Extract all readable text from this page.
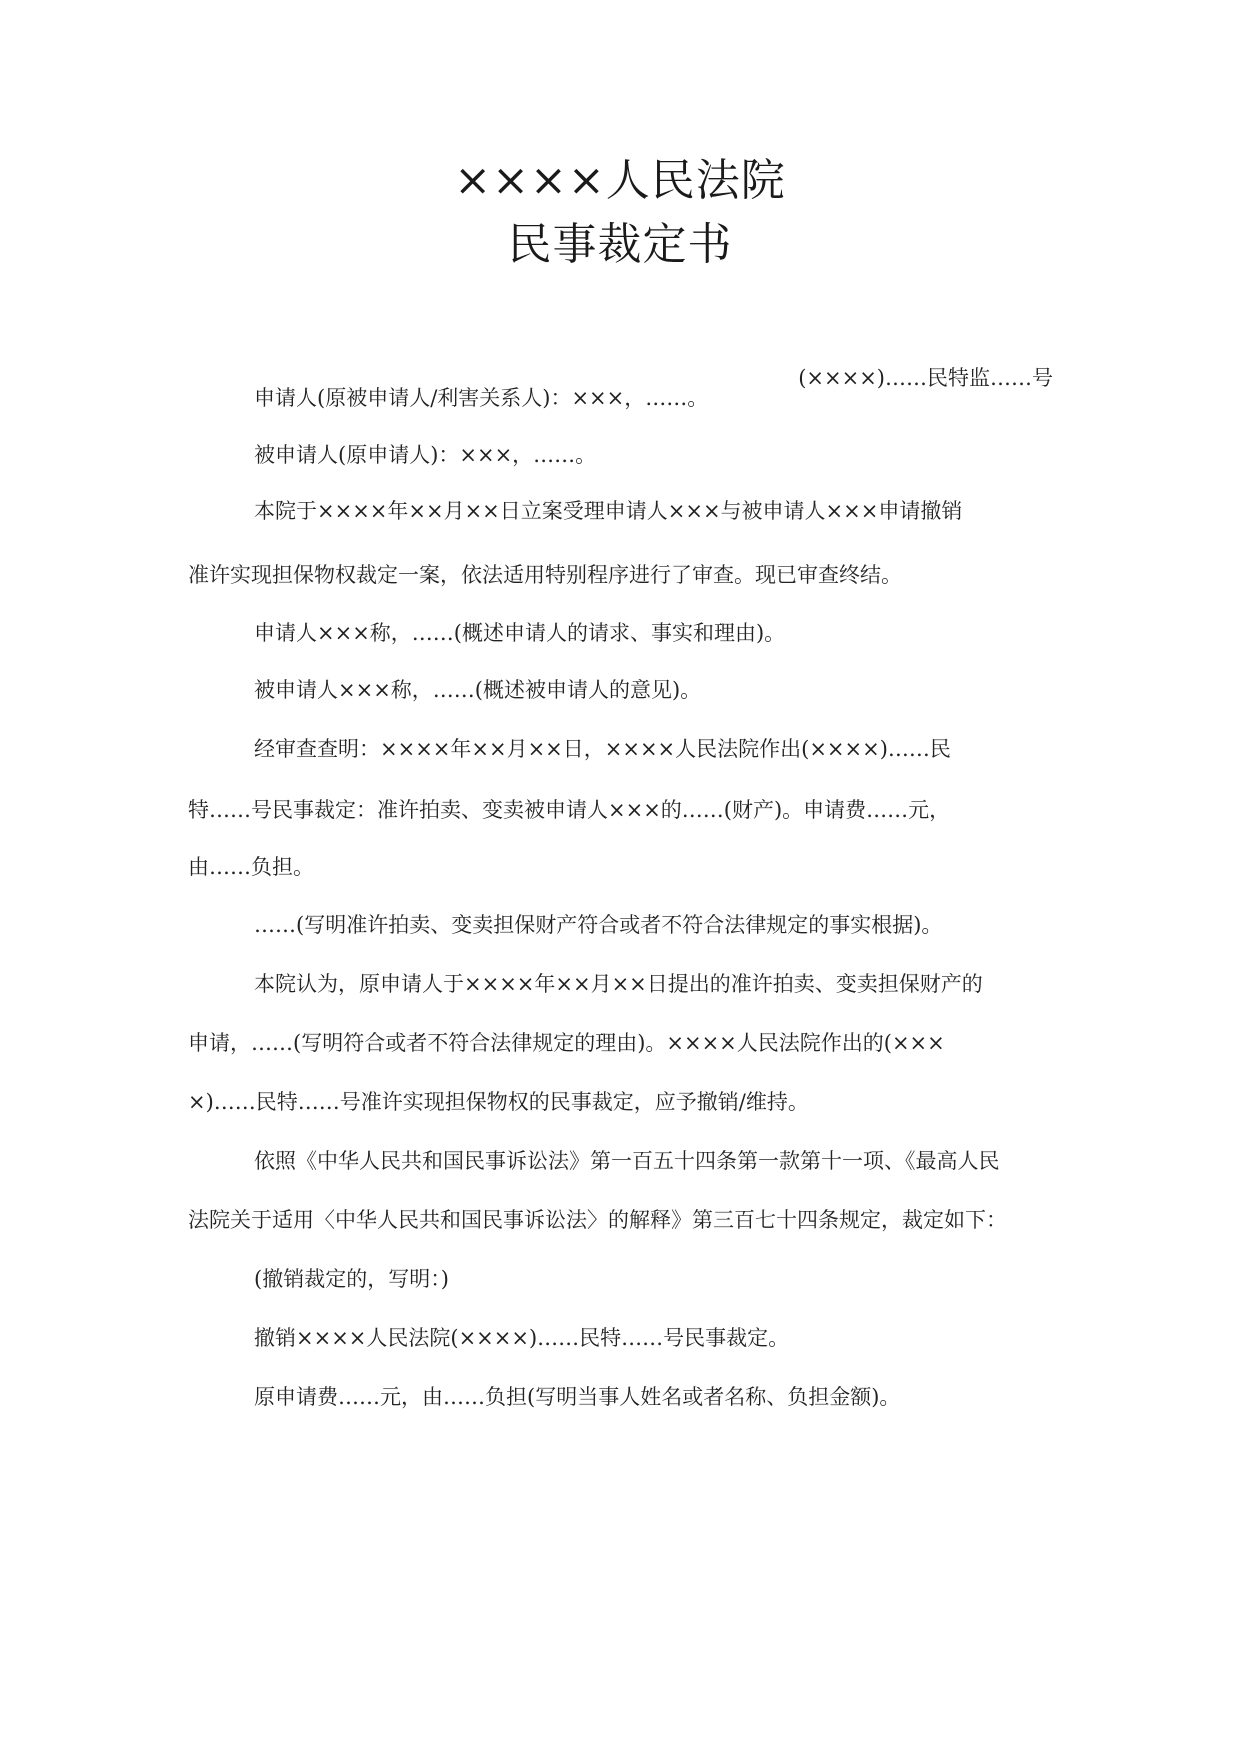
××××人民法院
民事裁定书
(××××)……民特监……号
申请人(原被申请人/利害关系人)：×××，……。
被申请人(原申请人)：×××，……。
本院于××××年××月××日立案受理申请人×××与被申请人×××申请撤销
准许实现担保物权裁定一案，依法适用特别程序进行了审查。现已审查终结。
申请人×××称，……(概述申请人的请求、事实和理由)。
被申请人×××称，……(概述被申请人的意见)。
经审查查明：××××年××月××日，××××人民法院作出(××××)……民
特……号民事裁定：准许拍卖、变卖被申请人×××的……(财产)。申请费……元，
由……负担。
……(写明准许拍卖、变卖担保财产符合或者不符合法律规定的事实根据)。
本院认为，原申请人于××××年××月××日提出的准许拍卖、变卖担保财产的
申请，……(写明符合或者不符合法律规定的理由)。××××人民法院作出的(×××
×)……民特……号准许实现担保物权的民事裁定，应予撤销/维持。
依照《中华人民共和国民事诉讼法》第一百五十四条第一款第十一项、《最高人民
法院关于适用〈中华人民共和国民事诉讼法〉的解释》第三百七十四条规定，裁定如下：
(撤销裁定的，写明：)
撤销××××人民法院(××××)……民特……号民事裁定。
原申请费……元，由……负担(写明当事人姓名或者名称、负担金额)。
